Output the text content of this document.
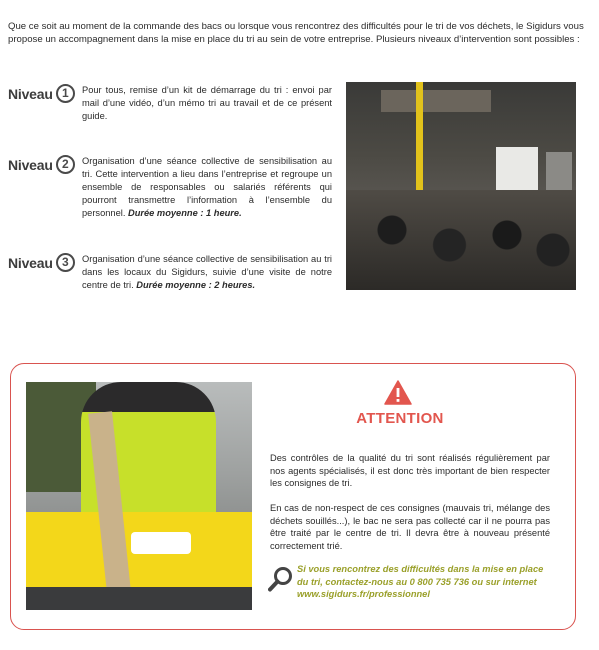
Que ce soit au moment de la commande des bacs ou lorsque vous rencontrez des difficultés pour le tri de vos déchets, le Sigidurs vous propose un accompagnement dans la mise en place du tri au sein de votre entreprise. Plusieurs niveaux d’intervention sont possibles :

Niveau 1	Pour tous, remise d’un kit de démarrage du tri : envoi par mail d’une vidéo, d’un mémo tri au travail et de ce présent guide.
Niveau 2	Organisation d’une séance collective de sensibilisation au tri. Cette intervention a lieu dans l’entreprise et regroupe un ensemble de responsables ou salariés référents qui pourront transmettre l’information à l’ensemble du personnel. Durée moyenne : 1 heure.
Niveau 3	Organisation d’une séance collective de sensibilisation au tri dans les locaux du Sigidurs, suivie d’une visite de notre centre de tri. Durée moyenne : 2 heures.
ATTENTION

Des contrôles de la qualité du tri sont réalisés régulièrement par nos agents spécialisés, il est donc très important de bien respecter les consignes de tri.

En cas de non-respect de ces consignes (mauvais tri, mélange des déchets souillés...), le bac ne sera pas collecté car il ne pourra pas être traité par le centre de tri. Il devra être à nouveau présenté correctement trié.

Si vous rencontrez des difficultés dans la mise en place du tri, contactez-nous au 0 800 735 736 ou sur internet www.sigidurs.fr/professionnel
